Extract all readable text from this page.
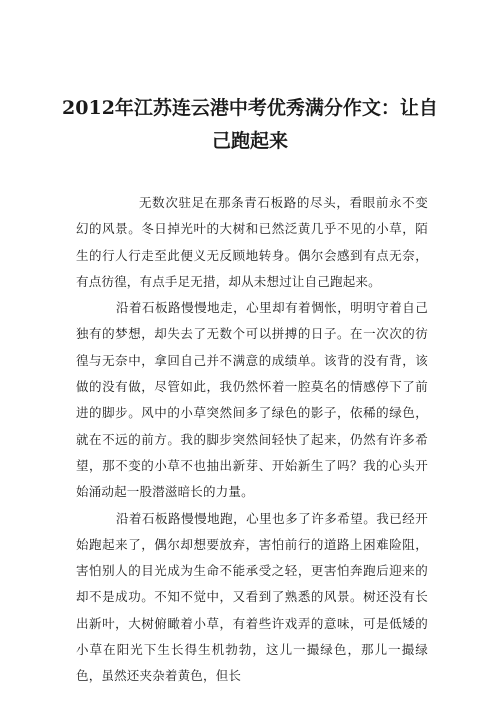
2012年江苏连云港中考优秀满分作文：让自己跑起来

无数次驻足在那条青石板路的尽头，看眼前永不变幻的风景。冬日掉光叶的大树和已然泛黄几乎不见的小草，陌生的行人行走至此便义无反顾地转身。偶尔会感到有点无奈，有点彷徨，有点手足无措，却从未想过让自己跑起来。

沿着石板路慢慢地走，心里却有着惆怅，明明守着自己独有的梦想，却失去了无数个可以拼搏的日子。在一次次的彷徨与无奈中，拿回自己并不满意的成绩单。该背的没有背，该做的没有做，尽管如此，我仍然怀着一腔莫名的情感停下了前进的脚步。风中的小草突然间多了绿色的影子，依稀的绿色，就在不远的前方。我的脚步突然间轻快了起来，仍然有许多希望，那不变的小草不也抽出新芽、开始新生了吗？我的心头开始涌动起一股潜滋暗长的力量。

沿着石板路慢慢地跑，心里也多了许多希望。我已经开始跑起来了，偶尔却想要放弃，害怕前行的道路上困难险阻，害怕别人的目光成为生命不能承受之轻，更害怕奔跑后迎来的却不是成功。不知不觉中，又看到了熟悉的风景。树还没有长出新叶，大树俯瞰着小草，有着些许戏弄的意味，可是低矮的小草在阳光下生长得生机勃勃，这儿一撮绿色，那儿一撮绿色，虽然还夹杂着黄色，但长
